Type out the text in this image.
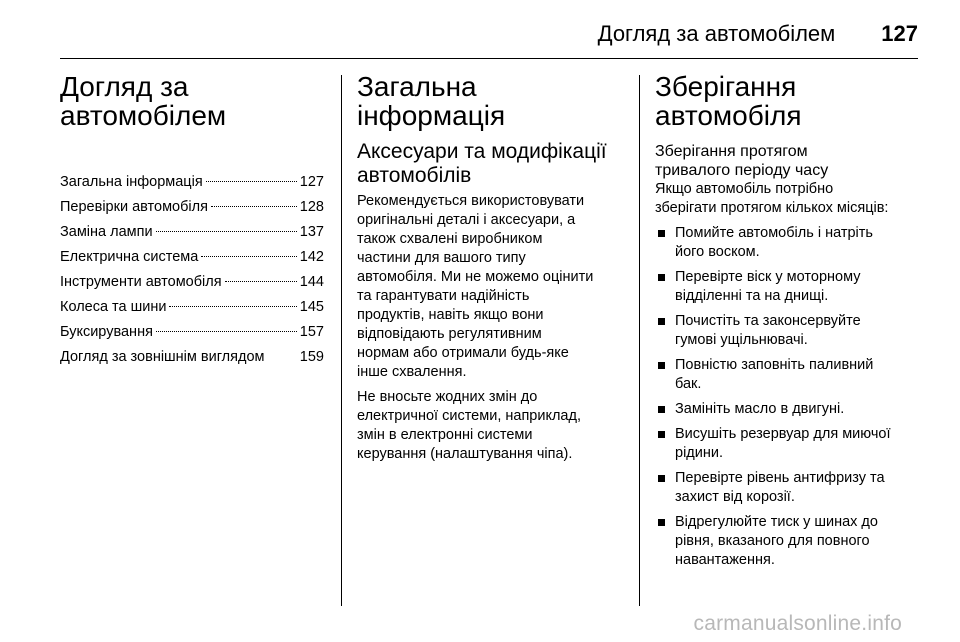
Догляд за автомобілем 127
Догляд за
автомобілем
Загальна інформація	127
Перевірки автомобіля	128
Заміна лампи	137
Електрична система	142
Інструменти автомобіля	144
Колеса та шини	145
Буксирування	157
Догляд за зовнішнім виглядом 159
Загальна інформація
Аксесуари та модифікації
автомобілів

Рекомендується використовувати
оригінальні деталі і аксесуари, а
також схвалені виробником
частини для вашого типу
автомобіля. Ми не можемо оцінити
та гарантувати надійність
продуктів, навіть якщо вони
відповідають регулятивним
нормам або отримали будь-яке
інше схвалення.

Не вносьте жодних змін до
електричної системи, наприклад,
змін в електронні системи
керування (налаштування чіпа).

Зберігання автомобіля
Зберігання протягом
тривалого періоду часу

Якщо автомобіль потрібно
зберігати протягом кількох місяців:

Помийте автомобіль і натріть
його воском.
Перевірте віск у моторному
відділенні та на днищі.
Почистіть та законсервуйте
гумові ущільнювачі.
Повністю заповніть паливний
бак.
Замініть масло в двигуні.
Висушіть резервуар для миючої
рідини.
Перевірте рівень антифризу та
захист від корозії.
Відрегулюйте тиск у шинах до
рівня, вказаного для повного
навантаження.
carmanualsonline.info
